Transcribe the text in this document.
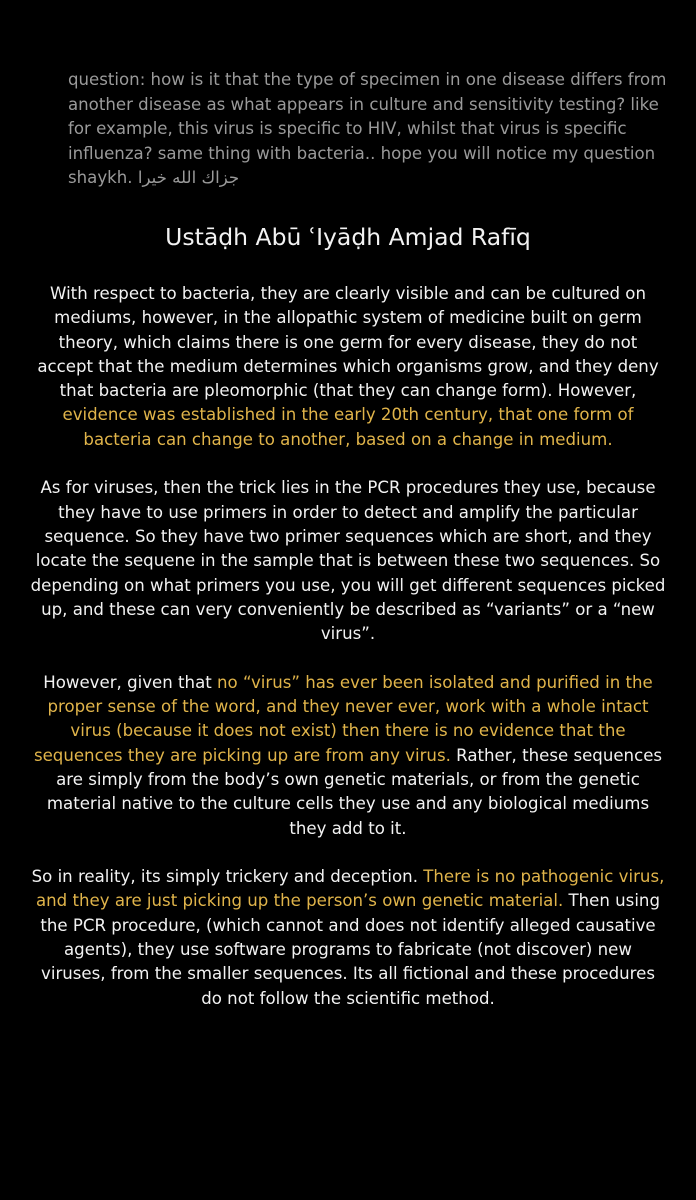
question: how is it that the type of specimen in one disease differs from another disease as what appears in culture and sensitivity testing? like for example, this virus is specific to HIV, whilst that virus is specific influenza? same thing with bacteria.. hope you will notice my question shaykh. جزاك الله خيرا

Ustāḍh Abū ʿIyāḍh Amjad Rafīq

With respect to bacteria, they are clearly visible and can be cultured on mediums, however, in the allopathic system of medicine built on germ theory, which claims there is one germ for every disease, they do not accept that the medium determines which organisms grow, and they deny that bacteria are pleomorphic (that they can change form). However, evidence was established in the early 20th century, that one form of bacteria can change to another, based on a change in medium.

As for viruses, then the trick lies in the PCR procedures they use, because they have to use primers in order to detect and amplify the particular sequence. So they have two primer sequences which are short, and they locate the sequene in the sample that is between these two sequences. So depending on what primers you use, you will get different sequences picked up, and these can very conveniently be described as “variants” or a “new virus”.

However, given that no “virus” has ever been isolated and purified in the proper sense of the word, and they never ever, work with a whole intact virus (because it does not exist) then there is no evidence that the sequences they are picking up are from any virus. Rather, these sequences are simply from the body’s own genetic materials, or from the genetic material native to the culture cells they use and any biological mediums they add to it.

So in reality, its simply trickery and deception. There is no pathogenic virus, and they are just picking up the person’s own genetic material. Then using the PCR procedure, (which cannot and does not identify alleged causative agents), they use software programs to fabricate (not discover) new viruses, from the smaller sequences. Its all fictional and these procedures do not follow the scientific method.
